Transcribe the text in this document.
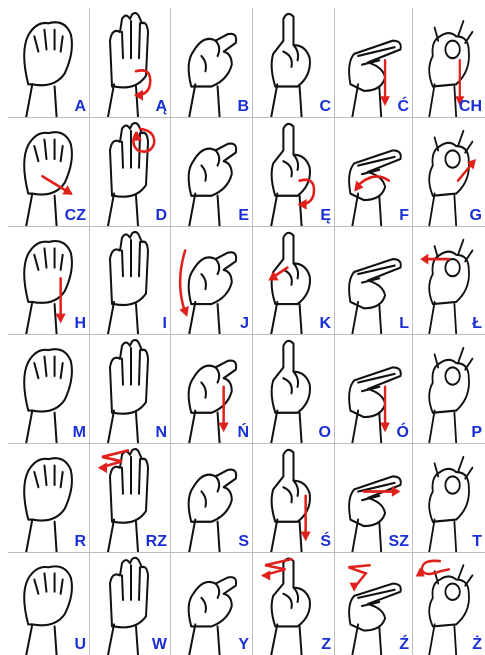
A	Ą	B	C	Ć	CH
CZ	D	E	Ę	F	G
H	I	J	K	L	Ł
M	N	Ń	O	Ó	P
R	RZ	S	Ś	SZ	T
U	W	Y	Z	Ź	Ż
